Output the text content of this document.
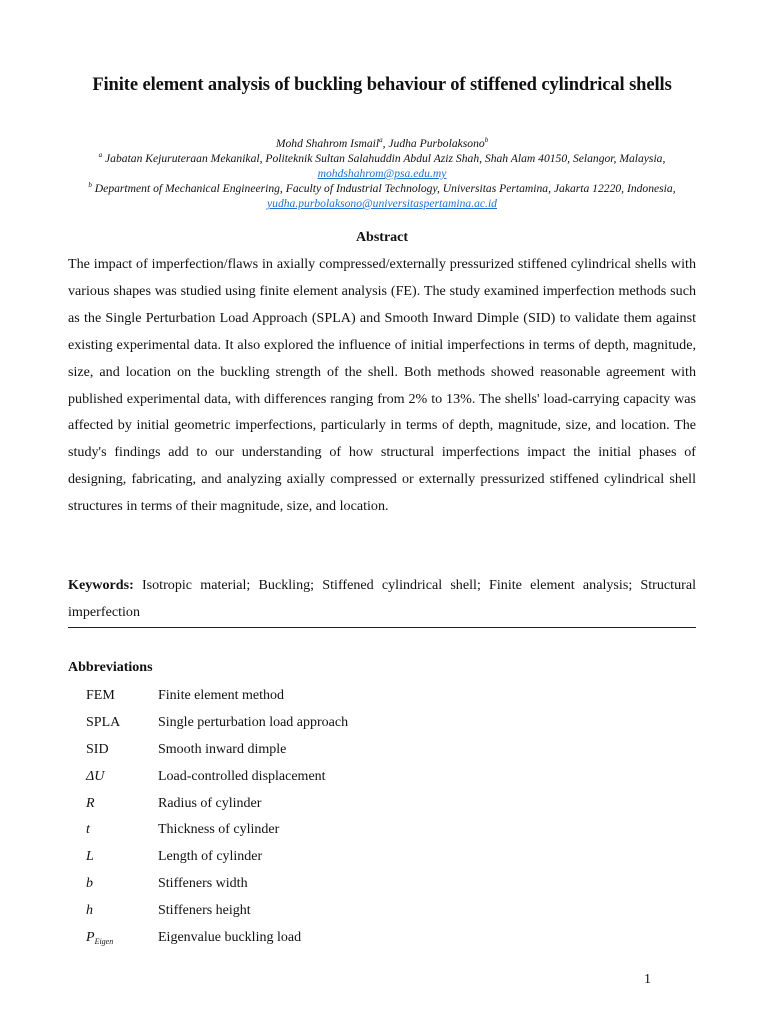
Finite element analysis of buckling behaviour of stiffened cylindrical shells
Mohd Shahrom Ismail$^a$, Judha Purbolaksono$^b$
$^a$ Jabatan Kejuruteraan Mekanikal, Politeknik Sultan Salahuddin Abdul Aziz Shah, Shah Alam 40150, Selangor, Malaysia, mohdshahrom@psa.edu.my
$^b$ Department of Mechanical Engineering, Faculty of Industrial Technology, Universitas Pertamina, Jakarta 12220, Indonesia, yudha.purbolaksono@universitaspertamina.ac.id
Abstract
The impact of imperfection/flaws in axially compressed/externally pressurized stiffened cylindrical shells with various shapes was studied using finite element analysis (FE). The study examined imperfection methods such as the Single Perturbation Load Approach (SPLA) and Smooth Inward Dimple (SID) to validate them against existing experimental data. It also explored the influence of initial imperfections in terms of depth, magnitude, size, and location on the buckling strength of the shell. Both methods showed reasonable agreement with published experimental data, with differences ranging from 2% to 13%. The shells' load-carrying capacity was affected by initial geometric imperfections, particularly in terms of depth, magnitude, size, and location. The study's findings add to our understanding of how structural imperfections impact the initial phases of designing, fabricating, and analyzing axially compressed or externally pressurized stiffened cylindrical shell structures in terms of their magnitude, size, and location.
Keywords: Isotropic material; Buckling; Stiffened cylindrical shell; Finite element analysis; Structural imperfection
Abbreviations
FEM	Finite element method
SPLA	Single perturbation load approach
SID	Smooth inward dimple
ΔU	Load-controlled displacement
R	Radius of cylinder
t	Thickness of cylinder
L	Length of cylinder
b	Stiffeners width
h	Stiffeners height
$P_{Eigen}$	Eigenvalue buckling load
1
